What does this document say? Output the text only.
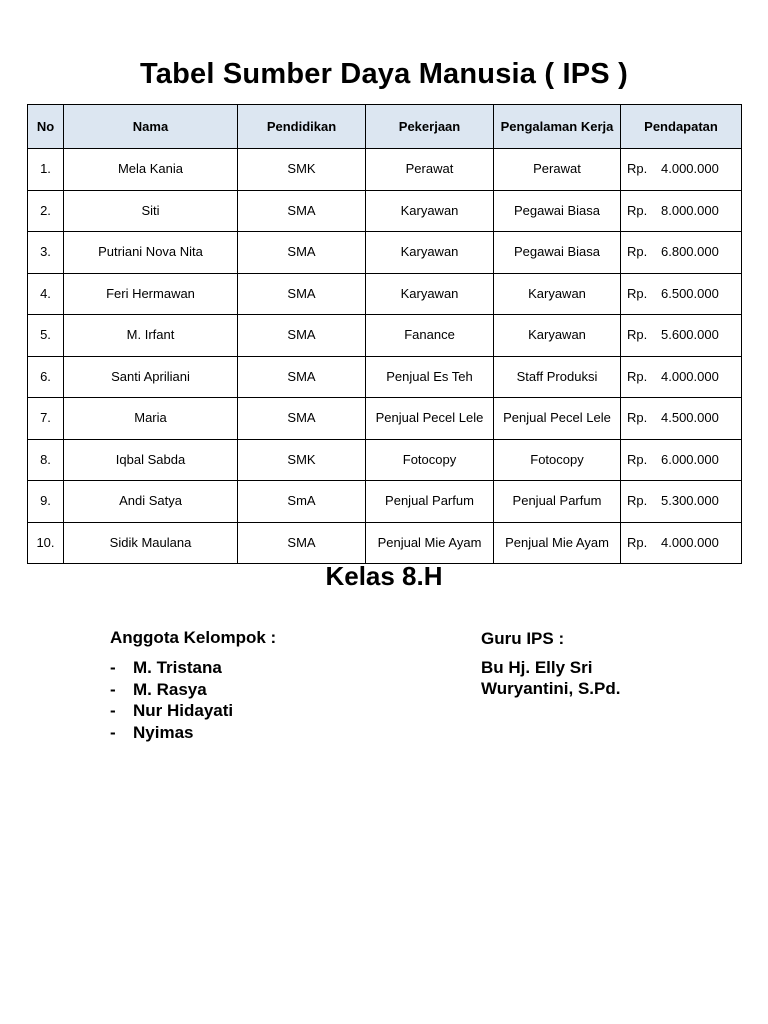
Tabel Sumber Daya Manusia ( IPS )
No	Nama	Pendidikan	Pekerjaan	Pengalaman Kerja	Pendapatan
1.	Mela Kania	SMK	Perawat	Perawat	Rp. 4.000.000
2.	Siti	SMA	Karyawan	Pegawai Biasa	Rp. 8.000.000
3.	Putriani Nova Nita	SMA	Karyawan	Pegawai Biasa	Rp. 6.800.000
4.	Feri Hermawan	SMA	Karyawan	Karyawan	Rp. 6.500.000
5.	M. Irfant	SMA	Fanance	Karyawan	Rp. 5.600.000
6.	Santi Apriliani	SMA	Penjual Es Teh	Staff Produksi	Rp. 4.000.000
7.	Maria	SMA	Penjual Pecel Lele	Penjual Pecel Lele	Rp. 4.500.000
8.	Iqbal Sabda	SMK	Fotocopy	Fotocopy	Rp. 6.000.000
9.	Andi Satya	SmA	Penjual Parfum	Penjual Parfum	Rp. 5.300.000
10.	Sidik Maulana	SMA	Penjual Mie Ayam	Penjual Mie Ayam	Rp. 4.000.000
Kelas 8.H
Anggota Kelompok :
- M. Tristana
- M. Rasya
- Nur Hidayati
- Nyimas
Guru IPS :
Bu Hj. Elly Sri
Wuryantini, S.Pd.
